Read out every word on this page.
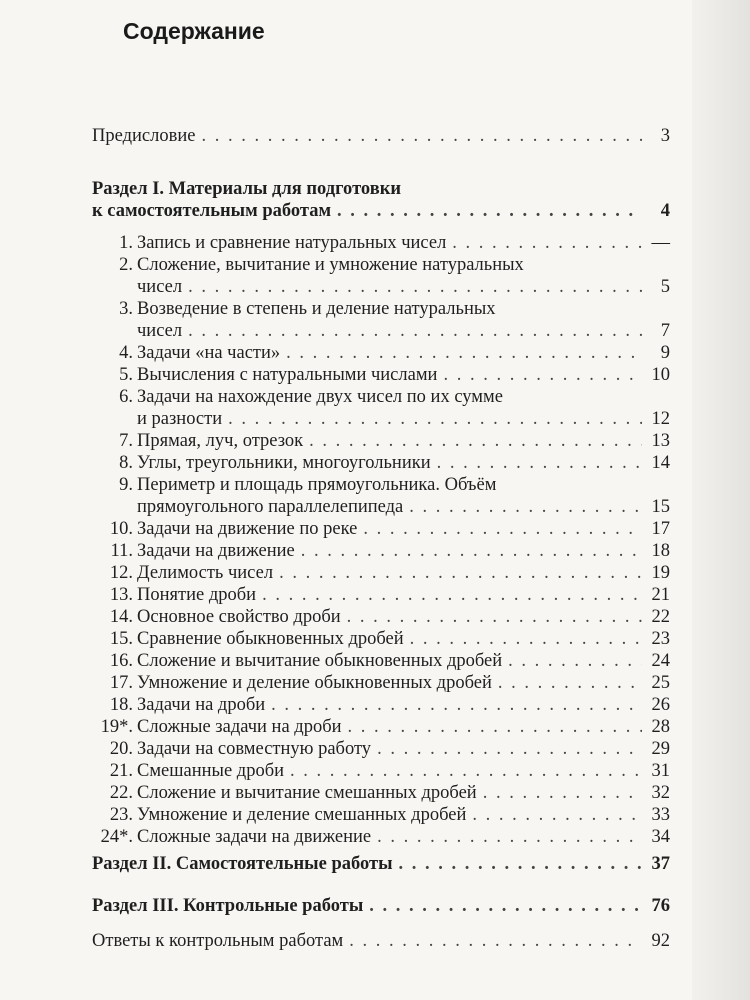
Содержание
Предисловие . . .	3
Раздел I. Материалы для подготовки
к самостоятельным работам . . .	4
1. Запись и сравнение натуральных чисел . . .	—
2. Сложение, вычитание и умножение натуральных
чисел . . .	5
3. Возведение в степень и деление натуральных
чисел . . .	7
4. Задачи «на части» . . .	9
5. Вычисления с натуральными числами . . .	10
6. Задачи на нахождение двух чисел по их сумме
и разности . . .	12
7. Прямая, луч, отрезок . . .	13
8. Углы, треугольники, многоугольники . . .	14
9. Периметр и площадь прямоугольника. Объём
прямоугольного параллелепипеда . . .	15
10. Задачи на движение по реке . . .	17
11. Задачи на движение . . .	18
12. Делимость чисел . . .	19
13. Понятие дроби . . .	21
14. Основное свойство дроби . . .	22
15. Сравнение обыкновенных дробей . . .	23
16. Сложение и вычитание обыкновенных дробей . . .	24
17. Умножение и деление обыкновенных дробей . . .	25
18. Задачи на дроби . . .	26
19*. Сложные задачи на дроби . . .	28
20. Задачи на совместную работу . . .	29
21. Смешанные дроби . . .	31
22. Сложение и вычитание смешанных дробей . . .	32
23. Умножение и деление смешанных дробей . . .	33
24*. Сложные задачи на движение . . .	34
Раздел II. Самостоятельные работы . . .	37
Раздел III. Контрольные работы . . .	76
Ответы к контрольным работам . . .	92
